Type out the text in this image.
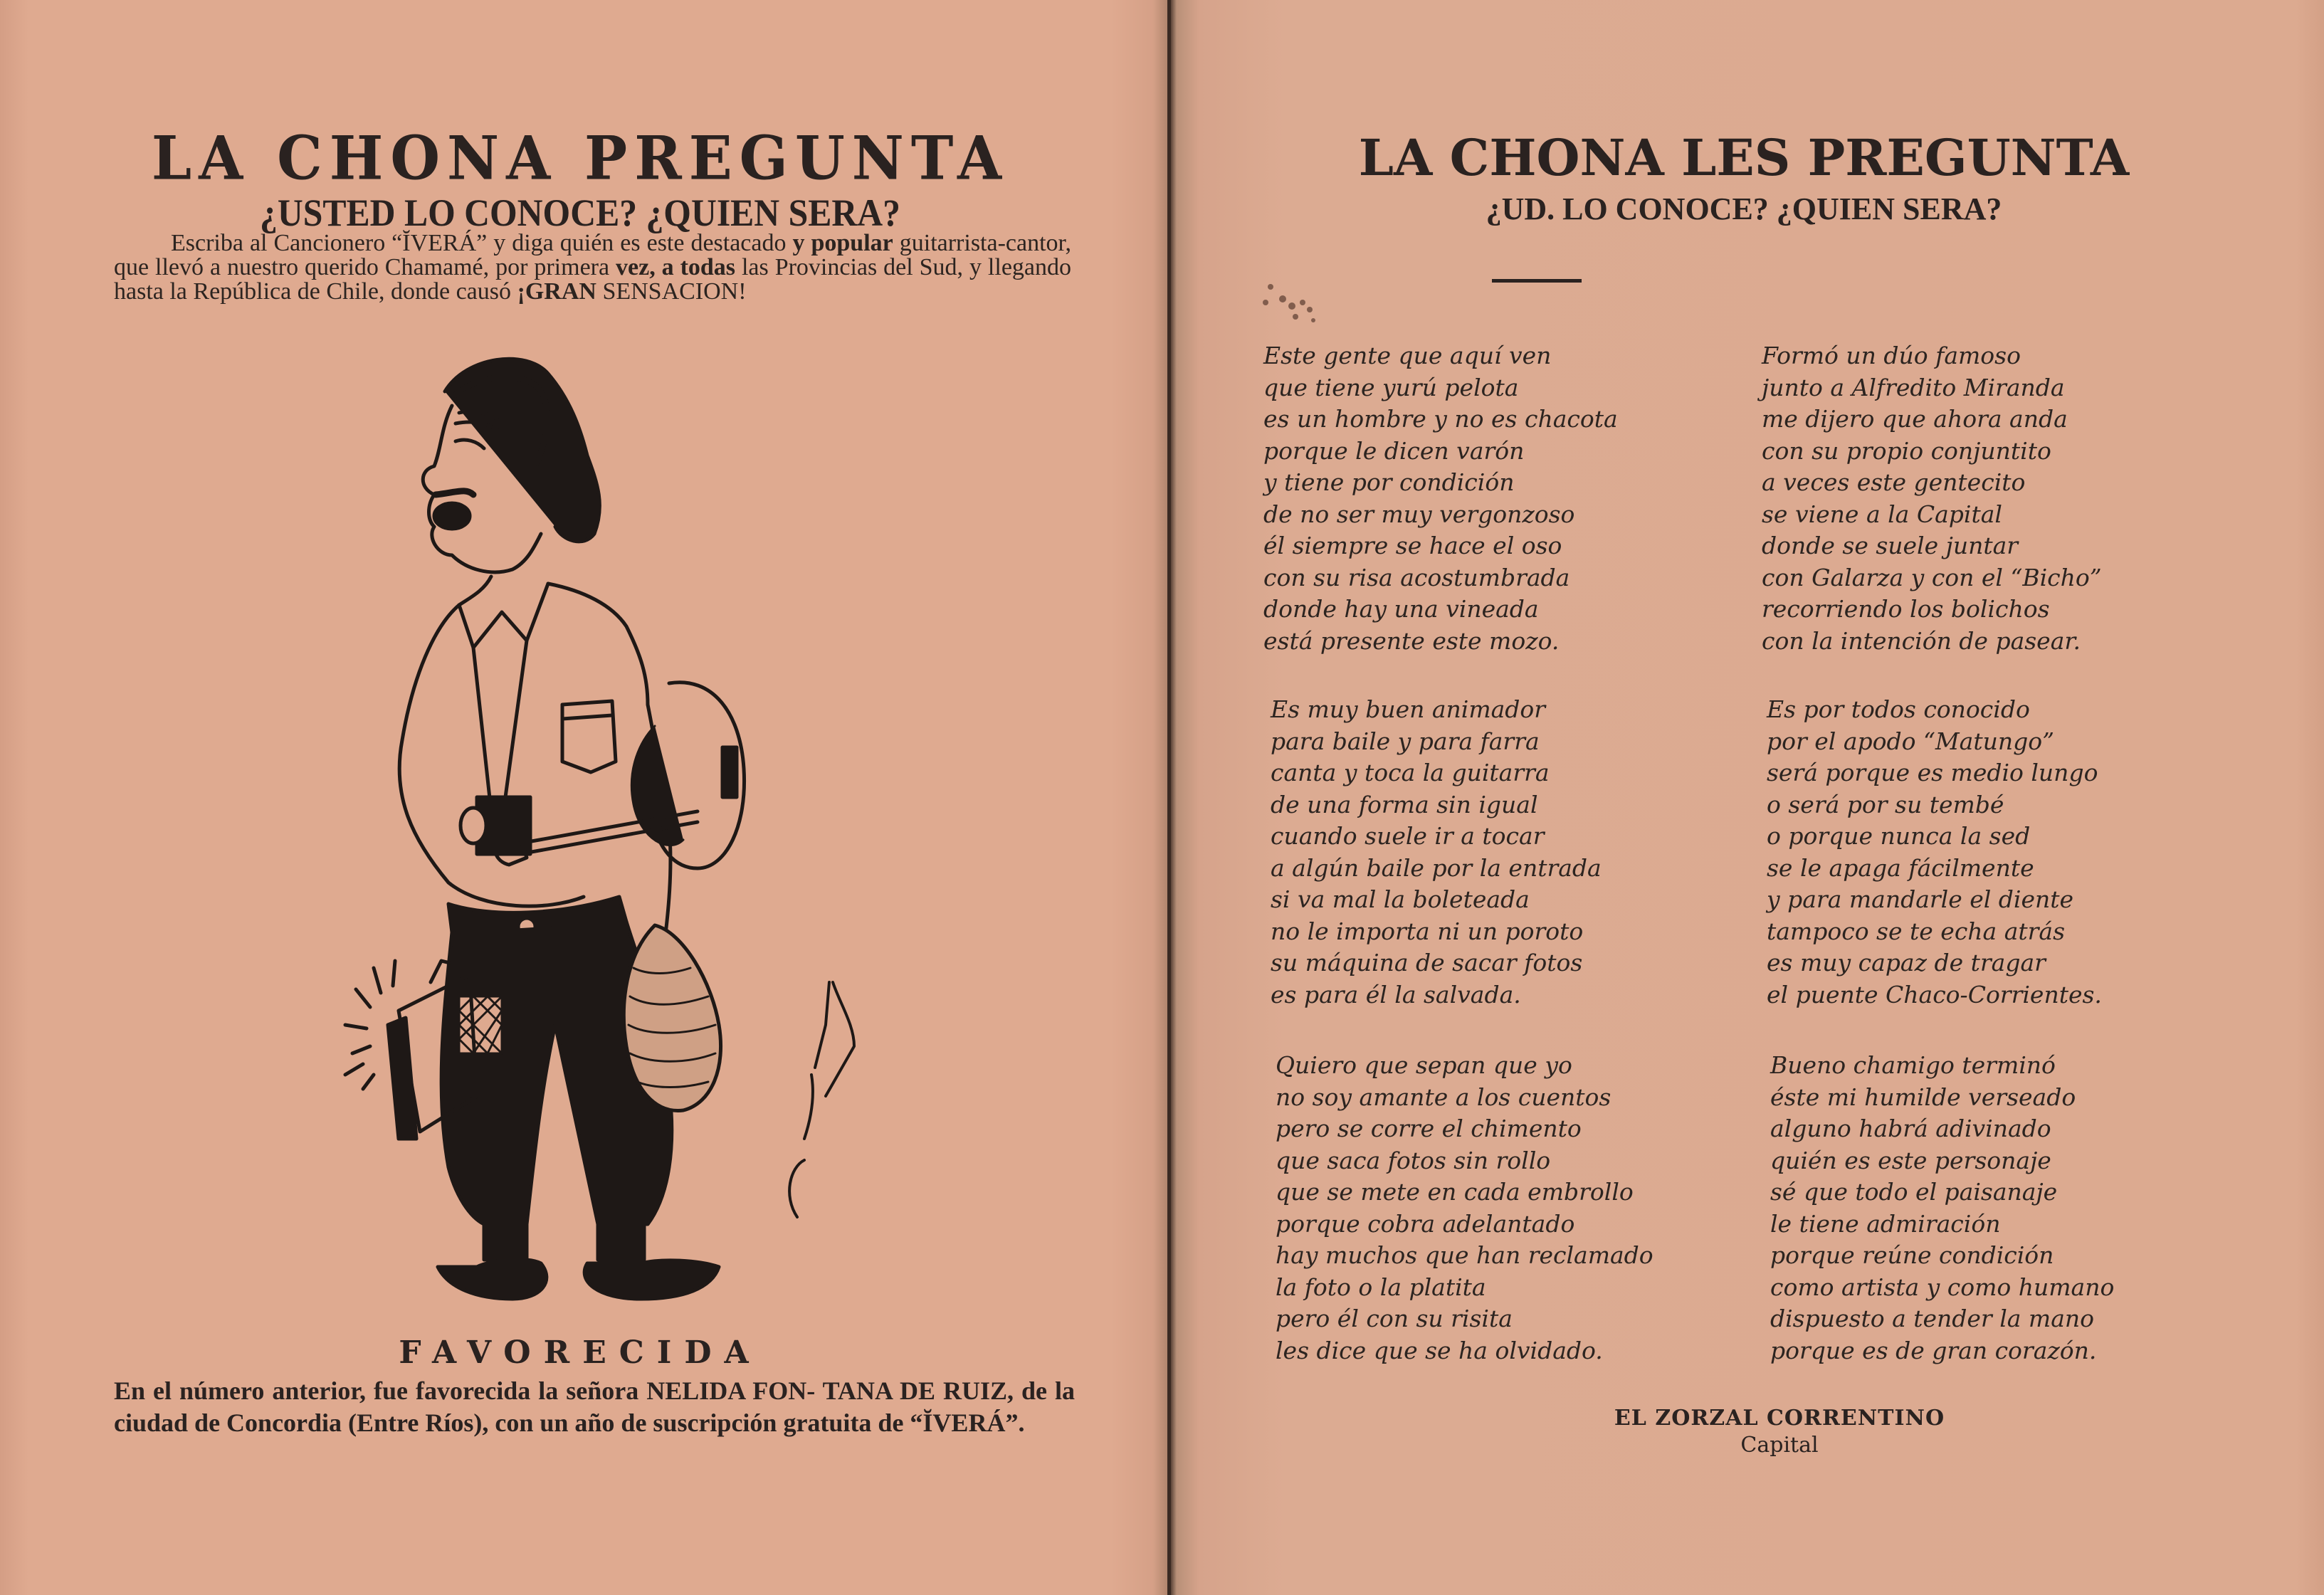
LA CHONA PREGUNTA
¿USTED LO CONOCE? ¿QUIEN SERA?
Escriba al Cancionero “ĬVERÁ” y diga quién es este destacado y popular guitarrista-cantor, que llevó a nuestro querido Chamamé, por primera vez, a todas las Provincias del Sud, y llegando hasta la República de Chile, donde causó ¡GRAN SENSACION!
FAVORECIDA
En el número anterior, fue favorecida la señora NELIDA FON- TANA DE RUIZ, de la ciudad de Concordia (Entre Ríos), con un año de suscripción gratuita de “ĬVERÁ”.
LA CHONA LES PREGUNTA
¿UD. LO CONOCE? ¿QUIEN SERA?
Este gente que aquí ven
que tiene yurú pelota
es un hombre y no es chacota
porque le dicen varón
y tiene por condición
de no ser muy vergonzoso
él siempre se hace el oso
con su risa acostumbrada
donde hay una vineada
está presente este mozo.
Formó un dúo famoso
junto a Alfredito Miranda
me dijero que ahora anda
con su propio conjuntito
a veces este gentecito
se viene a la Capital
donde se suele juntar
con Galarza y con el “Bicho”
recorriendo los bolichos
con la intención de pasear.
Es muy buen animador
para baile y para farra
canta y toca la guitarra
de una forma sin igual
cuando suele ir a tocar
a algún baile por la entrada
si va mal la boleteada
no le importa ni un poroto
su máquina de sacar fotos
es para él la salvada.
Es por todos conocido
por el apodo “Matungo”
será porque es medio lungo
o será por su tembé
o porque nunca la sed
se le apaga fácilmente
y para mandarle el diente
tampoco se te echa atrás
es muy capaz de tragar
el puente Chaco-Corrientes.
Quiero que sepan que yo
no soy amante a los cuentos
pero se corre el chimento
que saca fotos sin rollo
que se mete en cada embrollo
porque cobra adelantado
hay muchos que han reclamado
la foto o la platita
pero él con su risita
les dice que se ha olvidado.
Bueno chamigo terminó
éste mi humilde verseado
alguno habrá adivinado
quién es este personaje
sé que todo el paisanaje
le tiene admiración
porque reúne condición
como artista y como humano
dispuesto a tender la mano
porque es de gran corazón.
EL ZORZAL CORRENTINO
Capital
